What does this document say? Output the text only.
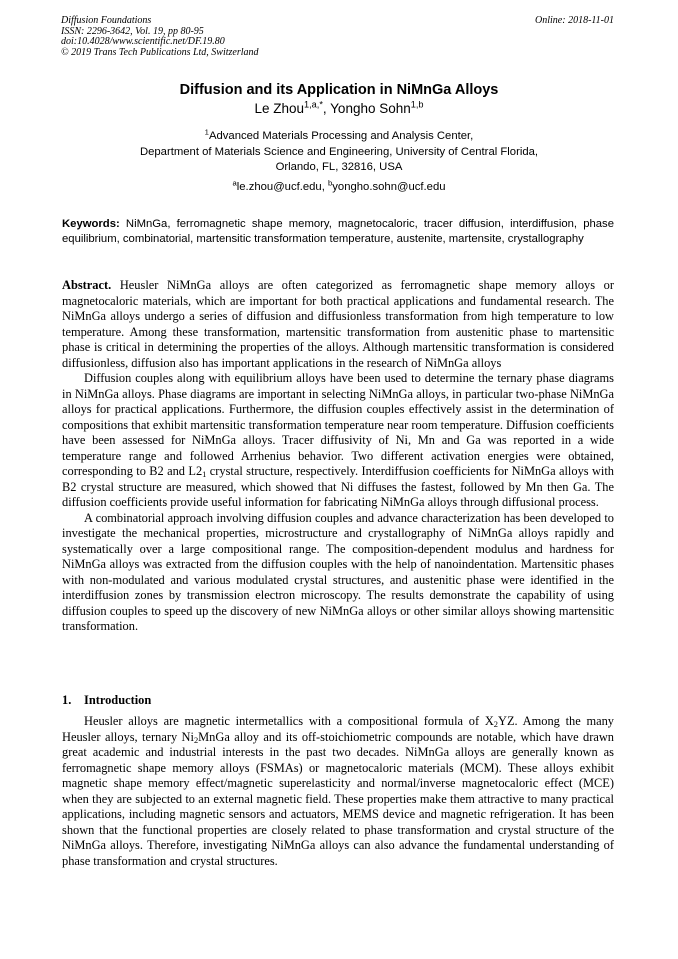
Diffusion Foundations
ISSN: 2296-3642, Vol. 19, pp 80-95
doi:10.4028/www.scientific.net/DF.19.80
© 2019 Trans Tech Publications Ltd, Switzerland
Online: 2018-11-01
Diffusion and its Application in NiMnGa Alloys
Le Zhou$^{1,a,*}$, Yongho Sohn$^{1,b}$
$^1$Advanced Materials Processing and Analysis Center,
Department of Materials Science and Engineering, University of Central Florida,
Orlando, FL, 32816, USA
$^a$le.zhou@ucf.edu, $^b$yongho.sohn@ucf.edu
Keywords: NiMnGa, ferromagnetic shape memory, magnetocaloric, tracer diffusion, interdiffusion, phase equilibrium, combinatorial, martensitic transformation temperature, austenite, martensite, crystallography

Abstract. Heusler NiMnGa alloys are often categorized as ferromagnetic shape memory alloys or magnetocaloric materials, which are important for both practical applications and fundamental research. The NiMnGa alloys undergo a series of diffusion and diffusionless transformation from high temperature to low temperature. Among these transformation, martensitic transformation from austenitic phase to martensitic phase is critical in determining the properties of the alloys. Although martensitic transformation is considered diffusionless, diffusion also has important applications in the research of NiMnGa alloys

Diffusion couples along with equilibrium alloys have been used to determine the ternary phase diagrams in NiMnGa alloys. Phase diagrams are important in selecting NiMnGa alloys, in particular two-phase NiMnGa alloys for practical applications. Furthermore, the diffusion couples effectively assist in the determination of compositions that exhibit martensitic transformation temperature near room temperature. Diffusion coefficients have been assessed for NiMnGa alloys. Tracer diffusivity of Ni, Mn and Ga was reported in a wide temperature range and followed Arrhenius behavior. Two different activation energies were obtained, corresponding to B2 and $L2_1$ crystal structure, respectively. Interdiffusion coefficients for NiMnGa alloys with B2 crystal structure are measured, which showed that Ni diffuses the fastest, followed by Mn then Ga. The diffusion coefficients provide useful information for fabricating NiMnGa alloys through diffusional process.

A combinatorial approach involving diffusion couples and advance characterization has been developed to investigate the mechanical properties, microstructure and crystallography of NiMnGa alloys rapidly and systematically over a large compositional range. The composition-dependent modulus and hardness for NiMnGa alloys was extracted from the diffusion couples with the help of nanoindentation. Martensitic phases with non-modulated and various modulated crystal structures, and austenitic phase were identified in the interdiffusion zones by transmission electron microscopy. The results demonstrate the capability of using diffusion couples to speed up the discovery of new NiMnGa alloys or other similar alloys showing martensitic transformation.

1. Introduction

Heusler alloys are magnetic intermetallics with a compositional formula of $X_2YZ$. Among the many Heusler alloys, ternary $Ni_2MnGa$ alloy and its off-stoichiometric compounds are notable, which have drawn great academic and industrial interests in the past two decades. NiMnGa alloys are generally known as ferromagnetic shape memory alloys (FSMAs) or magnetocaloric materials (MCM). These alloys exhibit magnetic shape memory effect/magnetic superelasticity and normal/inverse magnetocaloric effect (MCE) when they are subjected to an external magnetic field. These properties make them attractive to many practical applications, including magnetic sensors and actuators, MEMS device and magnetic refrigeration. It has been shown that the functional properties are closely related to phase transformation and crystal structure of the NiMnGa alloys. Therefore, investigating NiMnGa alloys can also advance the fundamental understanding of phase transformation and crystal structures.
